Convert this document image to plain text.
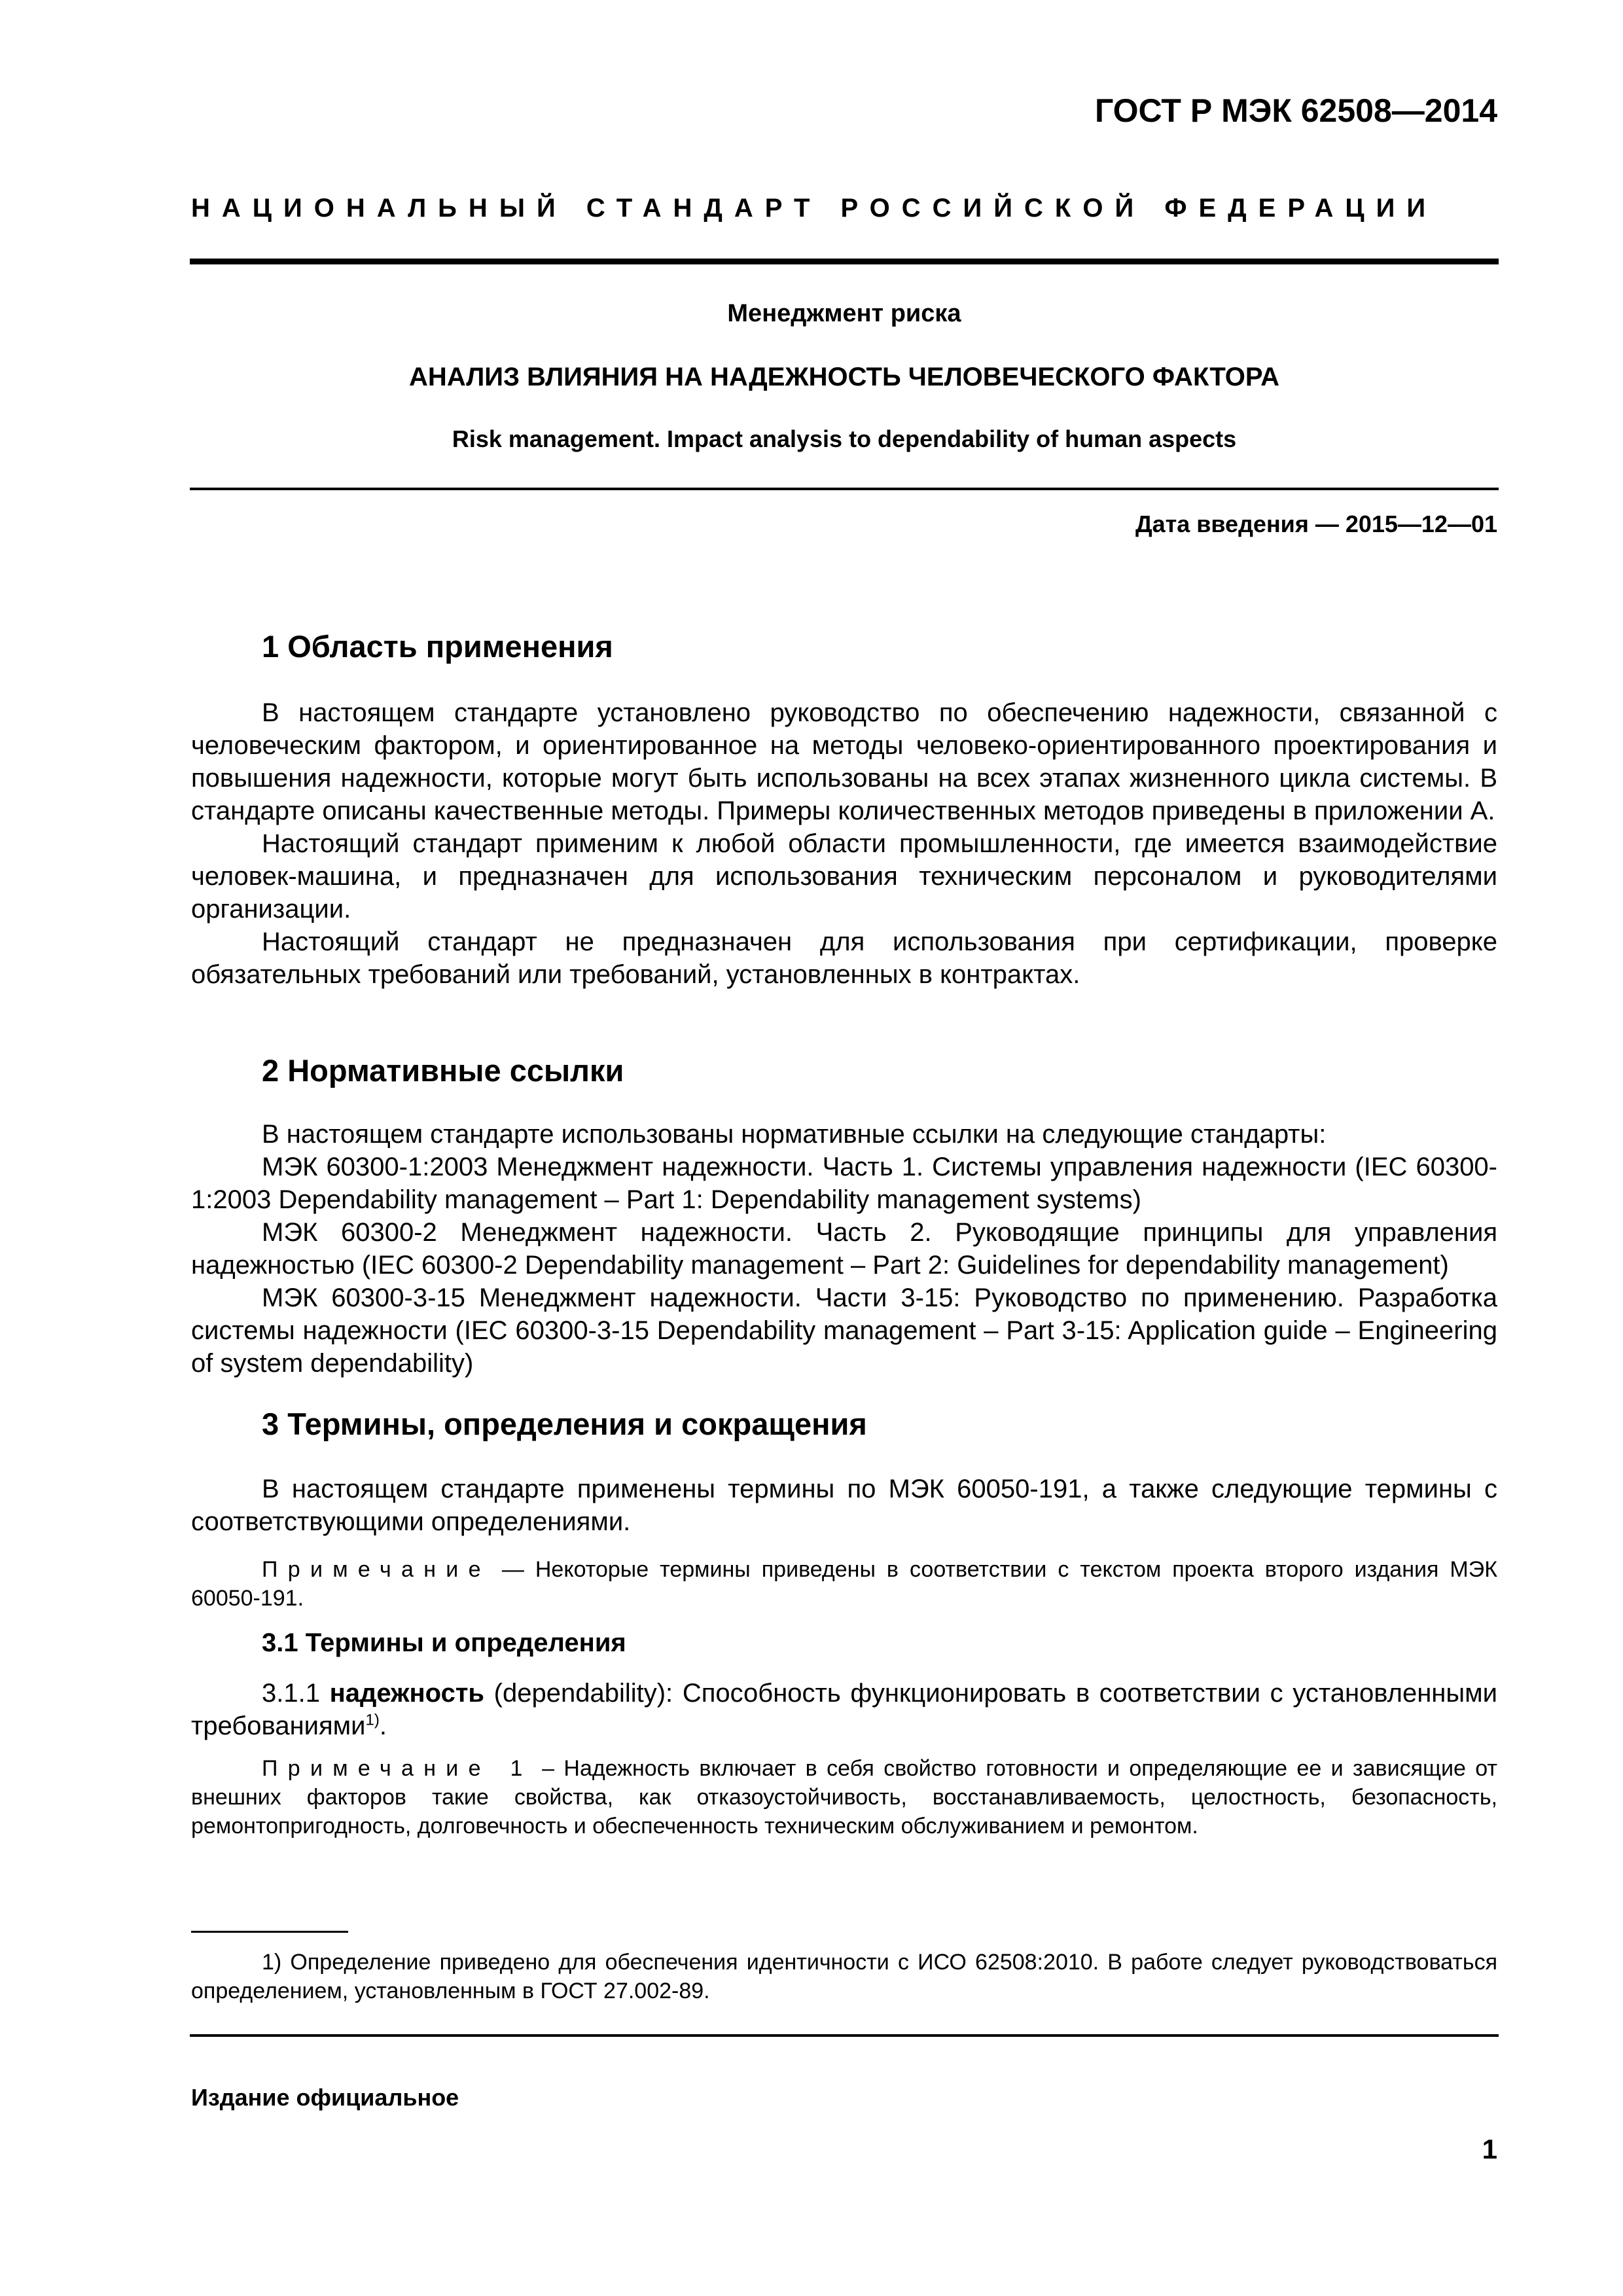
ГОСТ Р МЭК 62508—2014
НАЦИОНАЛЬНЫЙ СТАНДАРТ РОССИЙСКОЙ ФЕДЕРАЦИИ
Менеджмент риска
АНАЛИЗ ВЛИЯНИЯ НА НАДЕЖНОСТЬ ЧЕЛОВЕЧЕСКОГО ФАКТОРА
Risk management. Impact analysis to dependability of human aspects
Дата введения — 2015—12—01
1 Область применения

В настоящем стандарте установлено руководство по обеспечению надежности, связанной с человеческим фактором, и ориентированное на методы человеко-ориентированного проектирования и повышения надежности, которые могут быть использованы на всех этапах жизненного цикла системы. В стандарте описаны качественные методы. Примеры количественных методов приведены в приложении А.

Настоящий стандарт применим к любой области промышленности, где имеется взаимодействие человек-машина, и предназначен для использования техническим персоналом и руководителями организации.

Настоящий стандарт не предназначен для использования при сертификации, проверке обязательных требований или требований, установленных в контрактах.

2 Нормативные ссылки

В настоящем стандарте использованы нормативные ссылки на следующие стандарты:

МЭК 60300-1:2003 Менеджмент надежности. Часть 1. Системы управления надежности (IEC 60300-1:2003 Dependability management – Part 1: Dependability management systems)

МЭК 60300-2 Менеджмент надежности. Часть 2. Руководящие принципы для управления надежностью (IEC 60300-2 Dependability management – Part 2: Guidelines for dependability management)

МЭК 60300-3-15 Менеджмент надежности. Части 3-15: Руководство по применению. Разработка системы надежности (IEC 60300-3-15 Dependability management – Part 3-15: Application guide – Engineering of system dependability)

3 Термины, определения и сокращения

В настоящем стандарте применены термины по МЭК 60050-191, а также следующие термины с соответствующими определениями.

Примечание — Некоторые термины приведены в соответствии с текстом проекта второго издания МЭК 60050-191.

3.1 Термины и определения

3.1.1 надежность (dependability): Способность функционировать в соответствии с установленными требованиями$^{1)}$.

Примечание 1 – Надежность включает в себя свойство готовности и определяющие ее и зависящие от внешних факторов такие свойства, как отказоустойчивость, восстанавливаемость, целостность, безопасность, ремонтопригодность, долговечность и обеспеченность техническим обслуживанием и ремонтом.

1) Определение приведено для обеспечения идентичности с ИСО 62508:2010. В работе следует руководствоваться определением, установленным в ГОСТ 27.002-89.

Издание официальное
1
